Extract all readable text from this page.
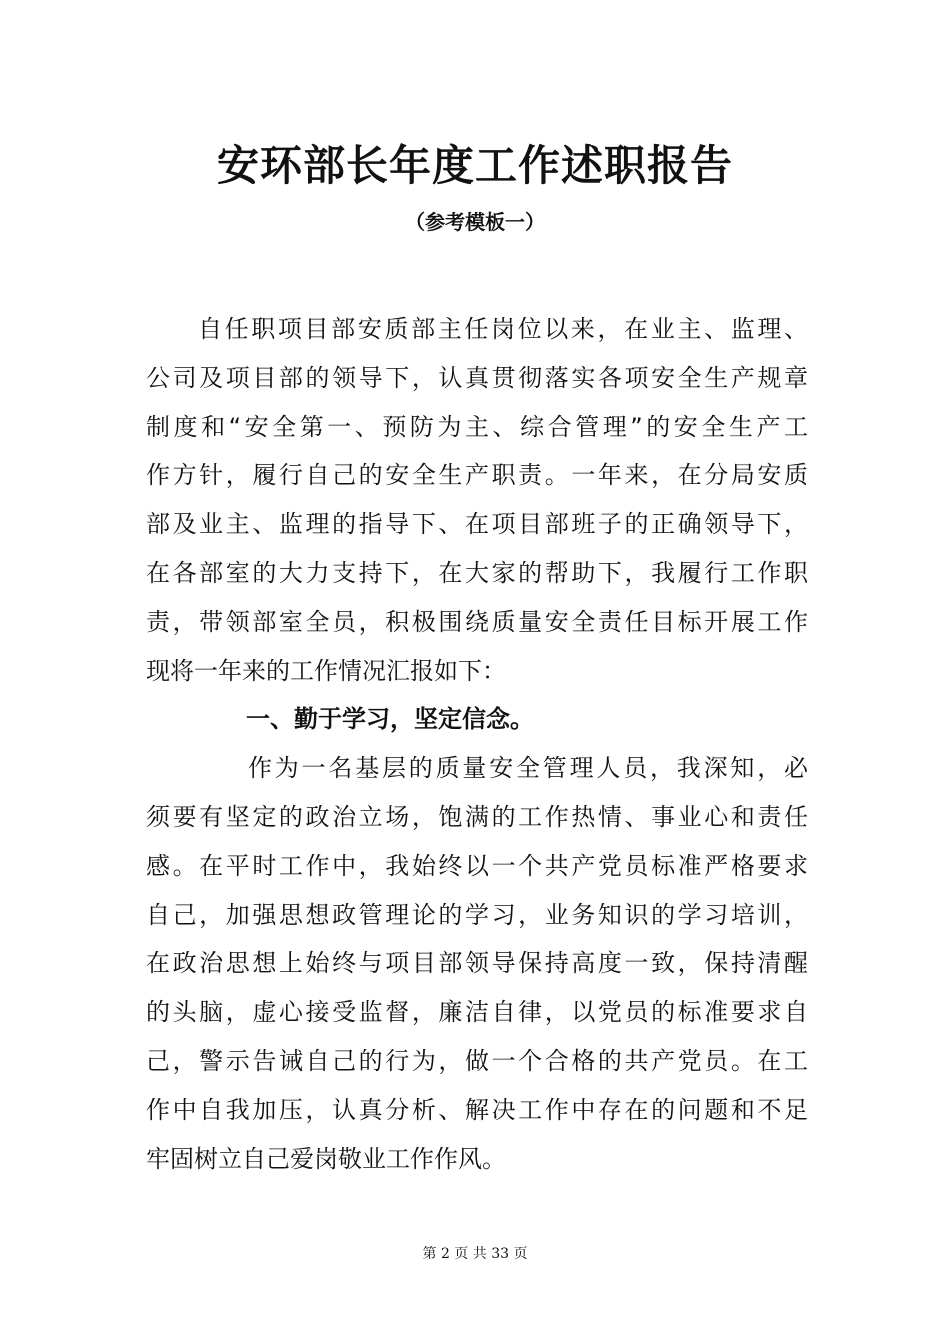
安环部长年度工作述职报告
（参考模板一）
自任职项目部安质部主任岗位以来，在业主、监理、
公司及项目部的领导下，认真贯彻落实各项安全生产规章
制度和“安全第一、预防为主、综合管理”的安全生产工
作方针，履行自己的安全生产职责。一年来，在分局安质
部及业主、监理的指导下、在项目部班子的正确领导下，
在各部室的大力支持下，在大家的帮助下，我履行工作职
责，带领部室全员，积极围绕质量安全责任目标开展工作
现将一年来的工作情况汇报如下：
一、勤于学习，坚定信念。
作为一名基层的质量安全管理人员，我深知，必
须要有坚定的政治立场，饱满的工作热情、事业心和责任
感。在平时工作中，我始终以一个共产党员标准严格要求
自己，加强思想政管理论的学习，业务知识的学习培训，
在政治思想上始终与项目部领导保持高度一致，保持清醒
的头脑，虚心接受监督，廉洁自律，以党员的标准要求自
己，警示告诫自己的行为，做一个合格的共产党员。在工
作中自我加压，认真分析、解决工作中存在的问题和不足
牢固树立自己爱岗敬业工作作风。
第 2 页 共 33 页
